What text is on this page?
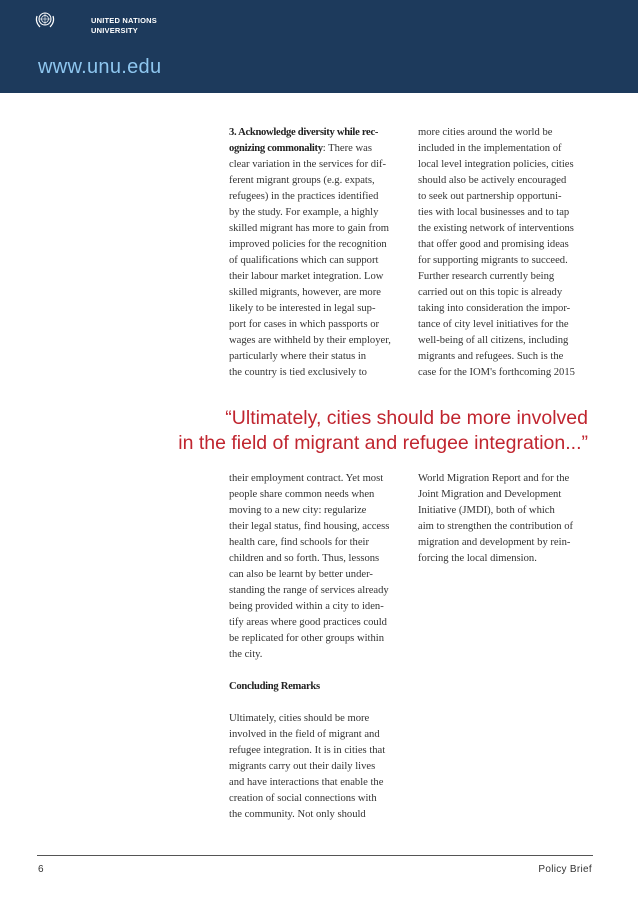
UNITED NATIONS
UNIVERSITY
www.unu.edu
3. Acknowledge diversity while rec-
ognizing commonality: There was
clear variation in the services for dif-
ferent migrant groups (e.g. expats,
refugees) in the practices identified
by the study. For example, a highly
skilled migrant has more to gain from
improved policies for the recognition
of qualifications which can support
their labour market integration. Low
skilled migrants, however, are more
likely to be interested in legal sup-
port for cases in which passports or
wages are withheld by their employer,
particularly where their status in
the country is tied exclusively to
more cities around the world be
included in the implementation of
local level integration policies, cities
should also be actively encouraged
to seek out partnership opportuni-
ties with local businesses and to tap
the existing network of interventions
that offer good and promising ideas
for supporting migrants to succeed.
Further research currently being
carried out on this topic is already
taking into consideration the impor-
tance of city level initiatives for the
well-being of all citizens, including
migrants and refugees. Such is the
case for the IOM's forthcoming 2015
“Ultimately, cities should be more involved
in the field of migrant and refugee integration...”
their employment contract. Yet most
people share common needs when
moving to a new city: regularize
their legal status, find housing, access
health care, find schools for their
children and so forth. Thus, lessons
can also be learnt by better under-
standing the range of services already
being provided within a city to iden-
tify areas where good practices could
be replicated for other groups within
the city.
Concluding Remarks
Ultimately, cities should be more
involved in the field of migrant and
refugee integration. It is in cities that
migrants carry out their daily lives
and have interactions that enable the
creation of social connections with
the community. Not only should
World Migration Report and for the
Joint Migration and Development
Initiative (JMDI), both of which
aim to strengthen the contribution of
migration and development by rein-
forcing the local dimension.
6	Policy Brief
